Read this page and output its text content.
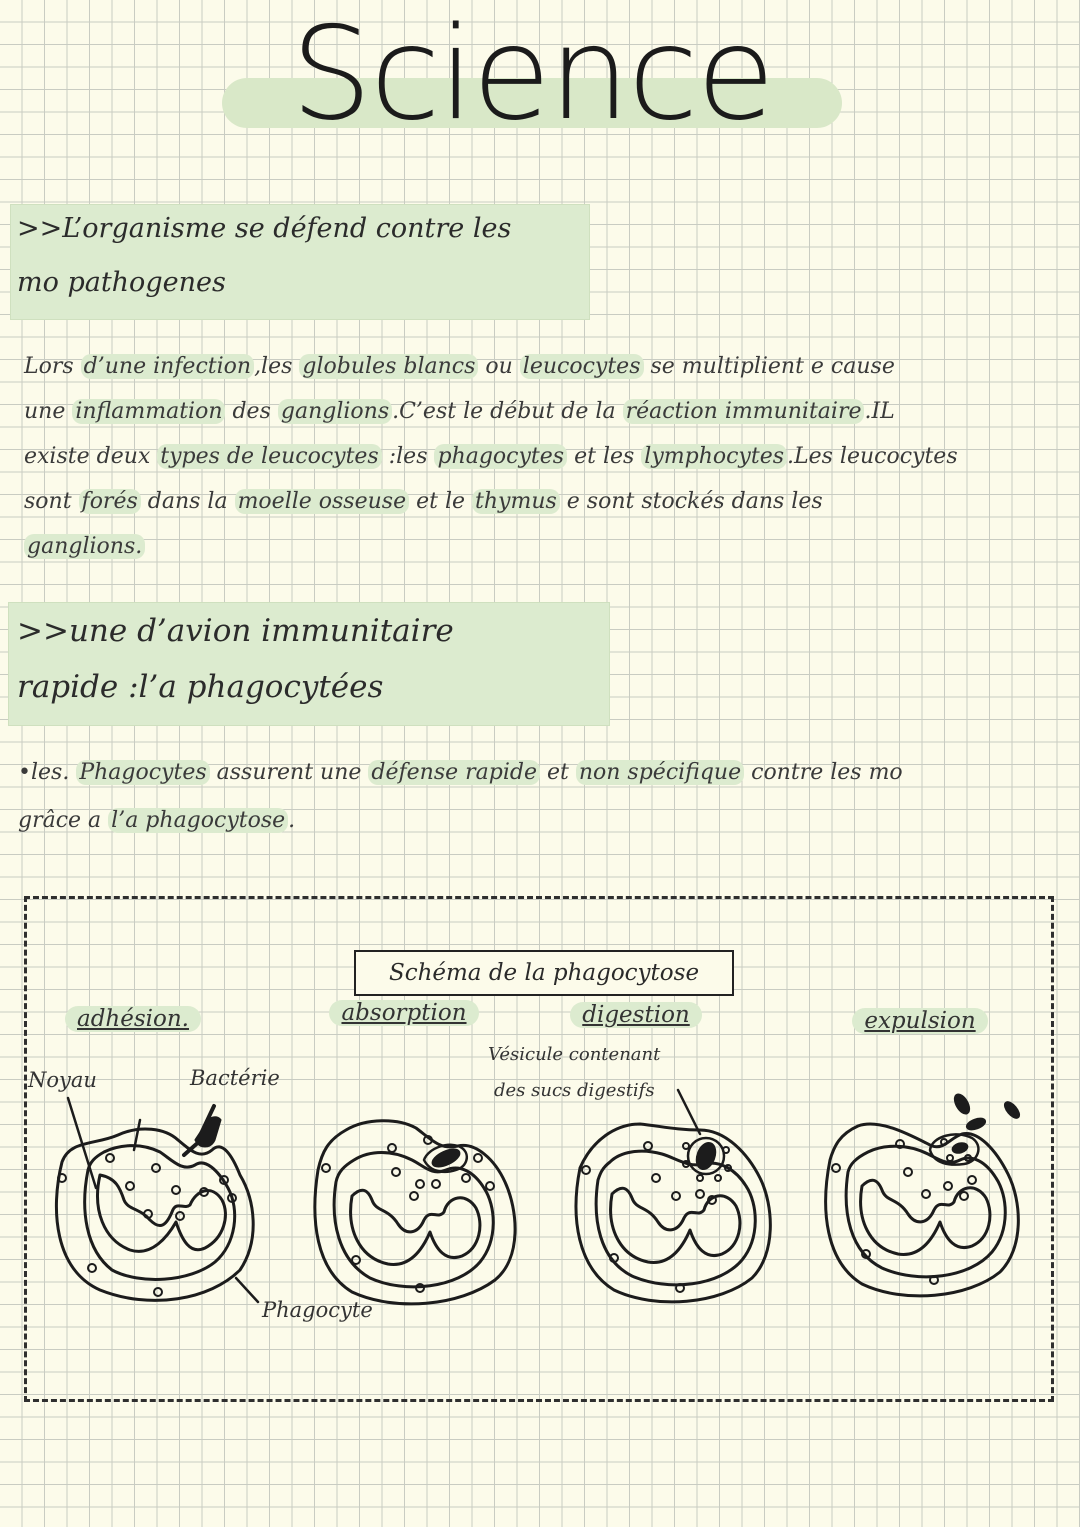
Science
>>L’organisme se défend contre les
mo pathogenes
Lors d’une infection ,les globules blancs ou leucocytes se multiplient e cause
une inflammation des ganglions .C’est le début de la réaction immunitaire .IL
existe deux types de leucocytes :les phagocytes et les lymphocytes .Les leucocytes
sont forés dans la moelle osseuse et le thymus e sont stockés dans les
ganglions.
>>une d’avion immunitaire
rapide :l’a phagocytées
•les. Phagocytes assurent une défense rapide et non spécifique contre les mo
grâce a l’a phagocytose .
Schéma de la phagocytose
adhésion.	absorption	digestion	expulsion
Noyau	Bactérie
Phagocyte
Vésicule contenant
des sucs digestifs
